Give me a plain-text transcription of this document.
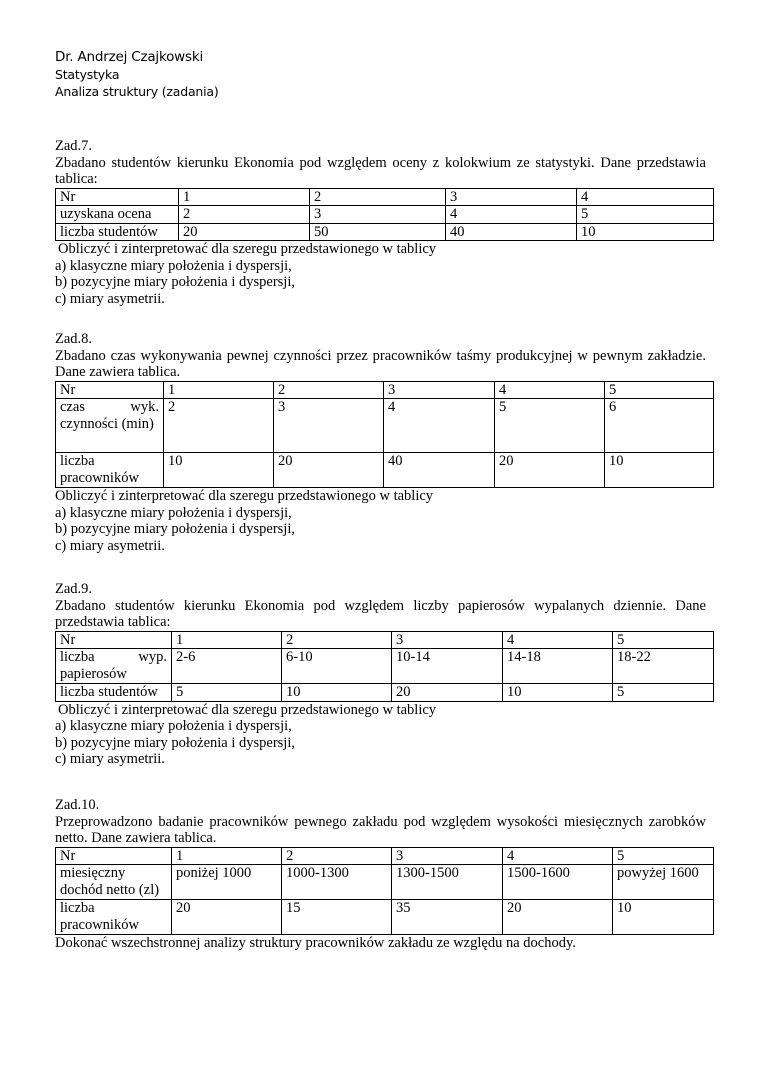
Dr. Andrzej Czajkowski
Statystyka
Analiza struktury (zadania)

Zad.7.

Zbadano studentów kierunku Ekonomia pod względem oceny z kolokwium ze statystyki. Dane przedstawia tablica:

Nr	1	2	3	4
uzyskana ocena	2	3	4	5
liczba studentów	20	50	40	10

Obliczyć i zinterpretować dla szeregu przedstawionego w tablicy

a) klasyczne miary położenia i dyspersji,

b) pozycyjne miary położenia i dyspersji,

c) miary asymetrii.

Zad.8.

Zbadano czas wykonywania pewnej czynności przez pracowników taśmy produkcyjnej w pewnym zakładzie. Dane zawiera tablica.

Nr	1	2	3	4	5
czas wyk. czynności (min)	2	3	4	5	6
liczba pracowników	10	20	40	20	10

Obliczyć i zinterpretować dla szeregu przedstawionego w tablicy

a) klasyczne miary położenia i dyspersji,

b) pozycyjne miary położenia i dyspersji,

c) miary asymetrii.

Zad.9.

Zbadano studentów kierunku Ekonomia pod względem liczby papierosów wypalanych dziennie. Dane przedstawia tablica:

Nr	1	2	3	4	5
liczba wyp. papierosów	2-6	6-10	10-14	14-18	18-22
liczba studentów	5	10	20	10	5

Obliczyć i zinterpretować dla szeregu przedstawionego w tablicy

a) klasyczne miary położenia i dyspersji,

b) pozycyjne miary położenia i dyspersji,

c) miary asymetrii.

Zad.10.

Przeprowadzono badanie pracowników pewnego zakładu pod względem wysokości miesięcznych zarobków netto. Dane zawiera tablica.

Nr	1	2	3	4	5
miesięczny dochód netto (zl)	poniżej 1000	1000-1300	1300-1500	1500-1600	powyżej 1600
liczba pracowników	20	15	35	20	10

Dokonać wszechstronnej analizy struktury pracowników zakładu ze względu na dochody.
